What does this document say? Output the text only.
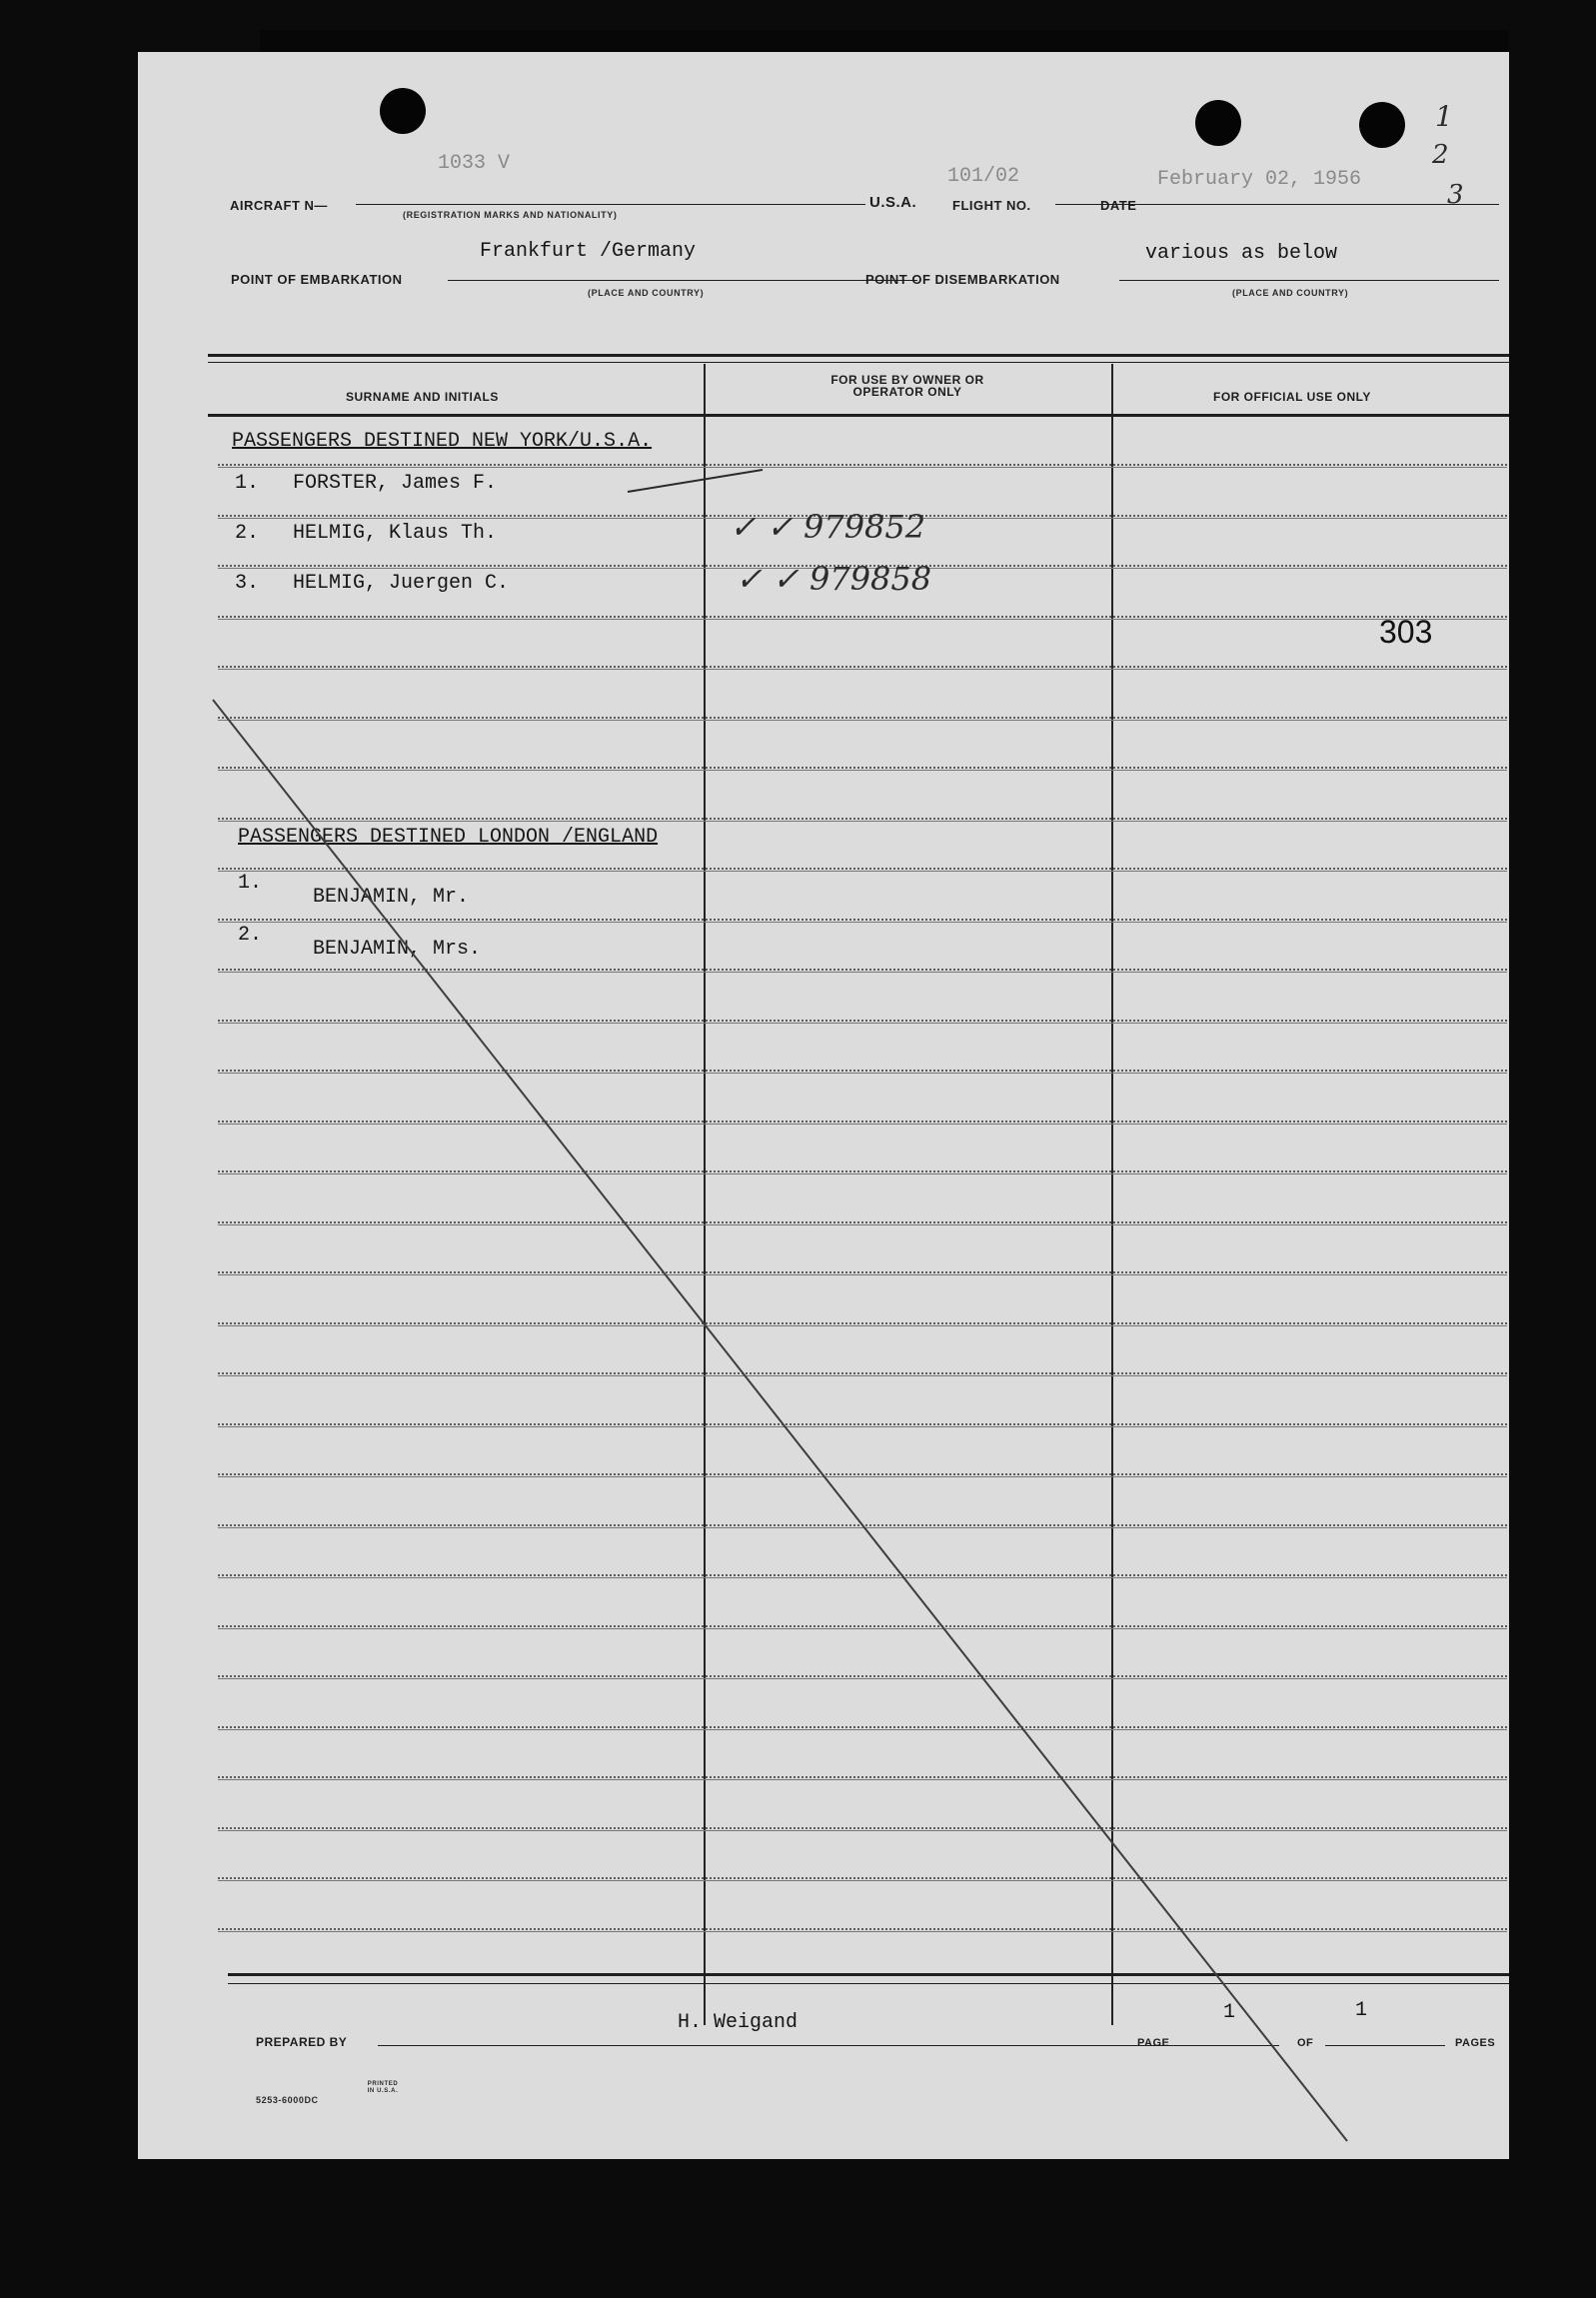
AIRCRAFT N—
1033 V
(REGISTRATION MARKS AND NATIONALITY)
U.S.A.	FLIGHT NO.
101/02
DATE
February 02, 1956
1
2
3
POINT OF EMBARKATION
Frankfurt /Germany
(PLACE AND COUNTRY)
POINT OF DISEMBARKATION
various as below
(PLACE AND COUNTRY)
SURNAME AND INITIALS
FOR USE BY OWNER OR OPERATOR ONLY	FOR OFFICIAL USE ONLY
PASSENGERS DESTINED NEW YORK/U.S.A.
1. FORSTER, James F.
2. HELMIG, Klaus Th.	✓ ✓ 979852
3. HELMIG, Juergen C.	✓ ✓ 979858
303
PASSENGERS DESTINED LONDON /ENGLAND
1.
BENJAMIN, Mr.
2.
BENJAMIN, Mrs.
PREPARED BY
H. Weigand
PAGE
1
OF
1
PAGES
5253-6000DC
PRINTED IN U.S.A.
